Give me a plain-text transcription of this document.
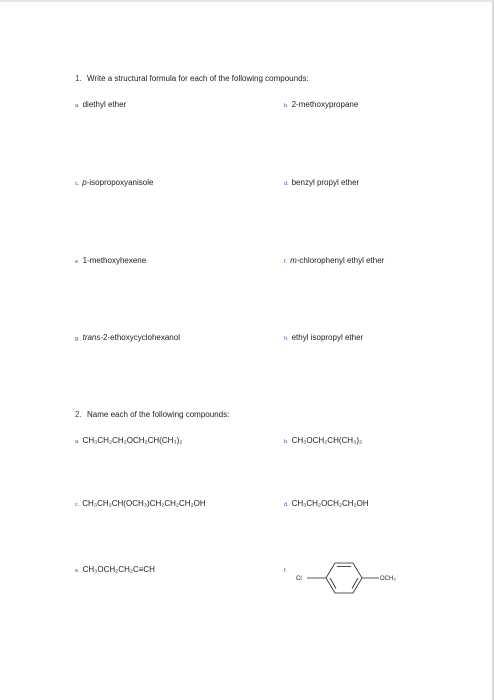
1. Write a structural formula for each of the following compounds:
a. diethyl ether	b. 2-methoxypropane
c. p-isopropoxyanisole	d. benzyl propyl ether
e. 1-methoxyhexene	f. m-chlorophenyl ethyl ether
g. trans-2-ethoxycyclohexanol	h. ethyl isopropyl ether
2. Name each of the following compounds:
a. CH₃CH₂CH₂OCH₂CH(CH₃)₂	b. CH₃OCH₂CH(CH₃)₂
c. CH₃CH₂CH(OCH₃)CH₂CH₂CH₂OH	d. CH₃CH₂OCH₂CH₂OH
e. CH₃OCH₂CH₂C≡CH	f.
Cl	OCH₃
